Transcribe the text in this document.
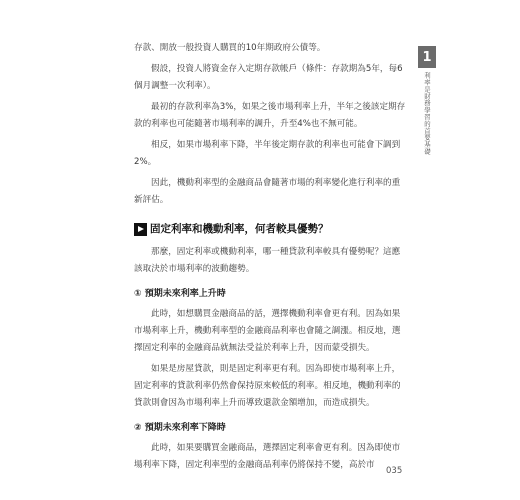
存款、開放一般投資人購買的10年期政府公債等。

假設，投資人將資金存入定期存款帳戶（條件：存款期為5年，每6個月調整一次利率）。

最初的存款利率為3%，如果之後市場利率上升，半年之後該定期存款的利率也可能隨著市場利率的調升，升至4%也不無可能。

相反，如果市場利率下降，半年後定期存款的利率也可能會下調到2%。

因此，機動利率型的金融商品會隨著市場的利率變化進行利率的重新評估。

固定利率和機動利率，何者較具優勢？

那麼，固定利率或機動利率，哪一種貸款利率較具有優勢呢？這應該取決於市場利率的波動趨勢。

① 預期未來利率上升時

此時，如想購買金融商品的話，選擇機動利率會更有利。因為如果市場利率上升，機動利率型的金融商品利率也會隨之調漲。相反地，選擇固定利率的金融商品就無法受益於利率上升，因而蒙受損失。

如果是房屋貸款，則是固定利率更有利。因為即使市場利率上升，固定利率的貸款利率仍然會保持原來較低的利率。相反地，機動利率的貸款則會因為市場利率上升而導致還款金額增加，而造成損失。

② 預期未來利率下降時

此時，如果要購買金融商品，選擇固定利率會更有利。因為即使市場利率下降，固定利率型的金融商品利率仍將保持不變，高於市

1
利率是財務學習的首要基礎
035
